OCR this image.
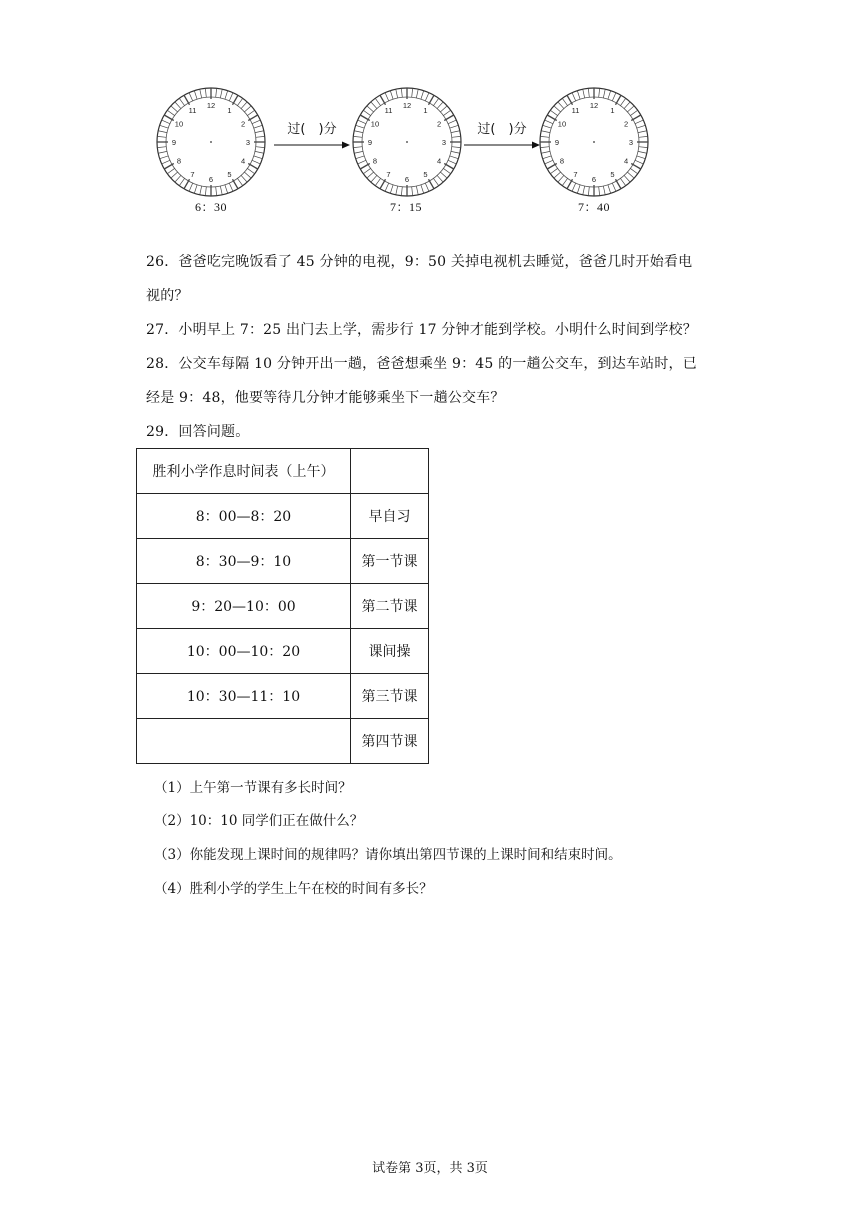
12
1
2
3
4
5
6
7
8
9
10
11
6：30
过(　)分
12
1
2
3
4
5
6
7
8
9
10
11
7：15
过(　)分
12
1
2
3
4
5
6
7
8
9
10
11
7：40

26．爸爸吃完晚饭看了 45 分钟的电视，9：50 关掉电视机去睡觉，爸爸几时开始看电

视的？

27．小明早上 7：25 出门去上学，需步行 17 分钟才能到学校。小明什么时间到学校？

28．公交车每隔 10 分钟开出一趟，爸爸想乘坐 9：45 的一趟公交车，到达车站时，已

经是 9：48，他要等待几分钟才能够乘坐下一趟公交车？

29．回答问题。

胜利小学作息时间表（上午）	
8：00—8：20	早自习
8：30—9：10	第一节课
9：20—10：00	第二节课
10：00—10：20	课间操
10：30—11：10	第三节课
	第四节课

（1）上午第一节课有多长时间？

（2）10：10 同学们正在做什么？

（3）你能发现上课时间的规律吗？请你填出第四节课的上课时间和结束时间。

（4）胜利小学的学生上午在校的时间有多长？

试卷第 3页，共 3页
